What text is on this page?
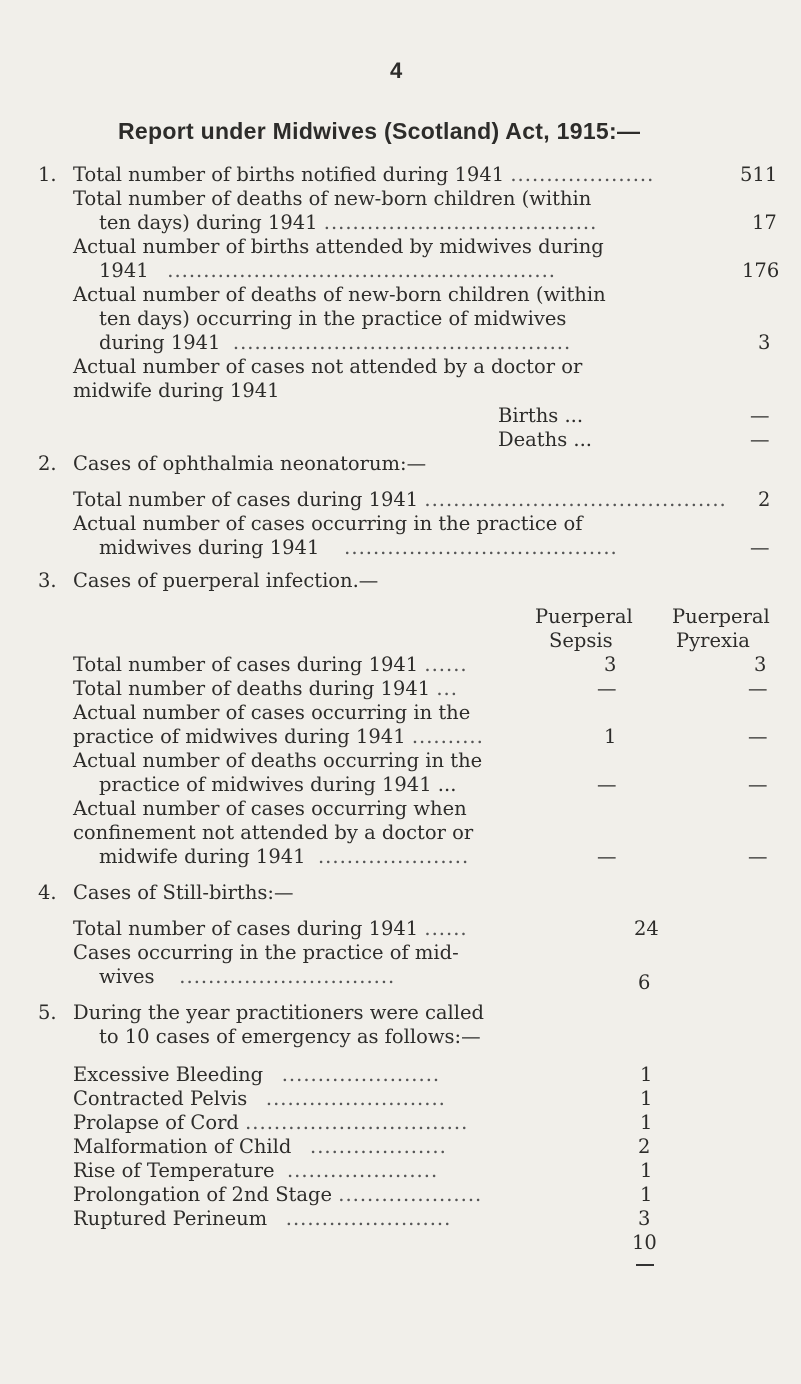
4
Report under Midwives (Scotland) Act, 1915:—
1. Total number of births notified during 1941 ....................	511
Total number of deaths of new-born children (within
ten days) during 1941 ......................................	17
Actual number of births attended by midwives during
1941 ......................................................	176
Actual number of deaths of new-born children (within
ten days) occurring in the practice of midwives
during 1941 ...............................................	3
Actual number of cases not attended by a doctor or
midwife during 1941
Births ...	—
Deaths ...	—
2. Cases of ophthalmia neonatorum:—
Total number of cases during 1941 .......................................... 2
Actual number of cases occurring in the practice of
midwives during 1941 ......................................	—
3. Cases of puerperal infection.—
Puerperal
Sepsis
Puerperal
Pyrexia
Total number of cases during 1941 ......	3	3
Total number of deaths during 1941 ...	—	—
Actual number of cases occurring in the
practice of midwives during 1941 ..........	1	—
Actual number of deaths occurring in the
practice of midwives during 1941 ...	—	—
Actual number of cases occurring when
confinement not attended by a doctor or
midwife during 1941 .....................	—	—
4. Cases of Still-births:—
Total number of cases during 1941 ......	24
Cases occurring in the practice of mid-
wives ..............................	6
5. During the year practitioners were called
to 10 cases of emergency as follows:—
Excessive Bleeding ......................	1
Contracted Pelvis .........................	1
Prolapse of Cord ...............................	1
Malformation of Child ...................	2
Rise of Temperature .....................	1
Prolongation of 2nd Stage ....................	1
Ruptured Perineum .......................	3
10
